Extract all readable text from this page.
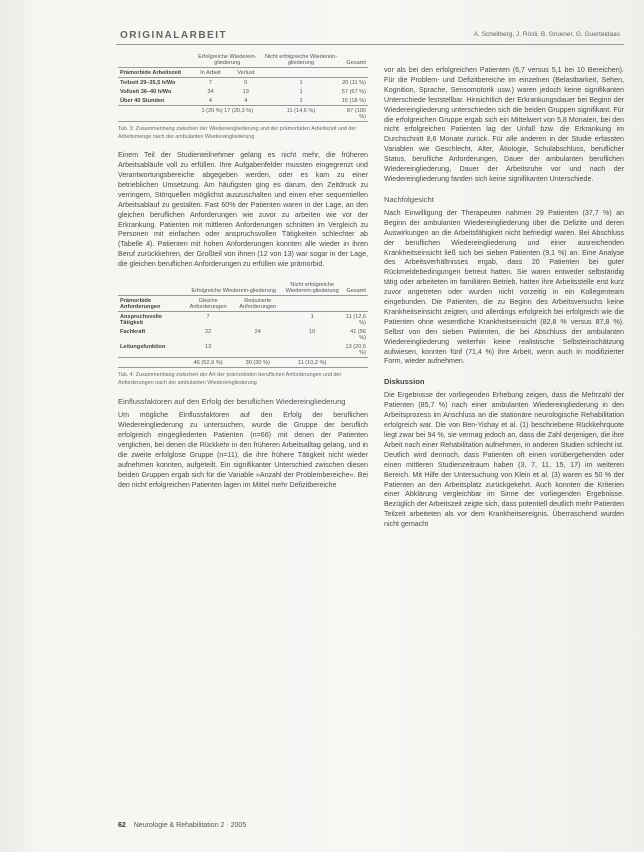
ORIGINALARBEIT	A. Schellberg, J. Rösli, B. Gruener, G. Guerteldaas
	Erfolgreiche Wiederein-gliederung		Nicht erfolgreiche Wiederein-gliederung	Gesamt
Prämorbide Arbeitszeit	In Arbeit	Verlust		
Teilzeit 29–35,5 h/Wo	7	0	1	20 (11 %)
Vollzeit 36–40 h/Wo	34	13	1	57 (67 %)
Über 40 Stunden	4	4	1	15 (18 %)
	1 (20 %) 17 (20,3 %)		11 (14,6 %)	87 (100 %)
Tab. 3: Zusammenhang zwischen der Wiedereingliederung und der prämorbiden Arbeitszeit und der Arbeitsmenge nach der ambulanten Wiedereingliederung

Einem Teil der Studienteilnehmer gelang es nicht mehr, die früheren Arbeitsabläufe voll zu erfüllen. Ihre Aufgabenfelder mussten eingegrenzt und Verantwortungsbereiche abgegeben werden, oder es kam zu einer betrieblichen Umsetzung. Am häufigsten ging es darum, den Zeitdruck zu verringern, Störquellen möglichst auszuschalten und einen eher sequentiellen Arbeitsablauf zu gestalten. Fast 60% der Patienten waren in der Lage, an den gleichen beruflichen Anforderungen wie zuvor zu arbeiten wie vor der Erkrankung. Patienten mit mittleren Anforderungen schnitten im Vergleich zu Personen mit einfachen oder anspruchsvollen Tätigkeiten schlechter ab (Tabelle 4). Patienten mit hohen Anforderungen konnten alle wieder in ihren Beruf zurückkehren, der Großteil von ihnen (12 von 13) war sogar in der Lage, die gleichen beruflichen Anforderungen zu erfüllen wie prämorbid.

	Erfolgreiche Wiederein-gliederung		Nicht erfolgreiche Wiederein-gliederung	Gesamt
Prämorbide Anforderungen	Gleiche Anforderungen	Reduzierte Anforderungen		
Anspruchsvolle Tätigkeit	7		1	11 (12,6 %)
Fachkraft	22	24	10	41 (56 %)
Leitungsfunktion	13			13 (20,5 %)
	46 (52,9 %)	30 (30 %)	11 (10,2 %)	
Tab. 4: Zusammenhang zwischen der Art der prämorbiden beruflichen Anforderungen und der Anforderungen nach der ambulanten Wiedereingliederung
Einflussfaktoren auf den Erfolg der beruflichen Wiedereingliederung

Um mögliche Einflussfaktoren auf den Erfolg der beruflichen Wiedereingliederung zu untersuchen, wurde die Gruppe der beruflich erfolgreich eingegliederten Patienten (n=66) mit denen der Patienten verglichen, bei denen die Rückkehr in den früheren Arbeitsalltag gelang, und in die zweite erfolglose Gruppe (n=11), die ihre frühere Tätigkeit nicht wieder aufnehmen konnten, aufgeteilt. Ein signifikanter Unterschied zwischen diesen beiden Gruppen ergab sich für die Variable »Anzahl der Problembereiche«. Bei den nicht erfolgreichen Patienten lagen im Mittel mehr Defizitbereiche

vor als bei den erfolgreichen Patienten (6,7 versus 5,1 bei 10 Bereichen). Für die Problem- und Defizitbereiche im einzelnen (Belastbarkeit, Sehen, Kognition, Sprache, Sensomotorik usw.) waren jedoch keine signifikanten Unterschiede feststellbar. Hinsichtlich der Erkrankungsdauer bei Beginn der Wiedereingliederung unterschieden sich die beiden Gruppen signifikant. Für die erfolgreichen Gruppe ergab sich ein Mittelwert von 5,8 Monaten, bei den nicht erfolgreichen Patienten lag der Unfall bzw. die Erkrankung im Durchschnitt 8,6 Monate zurück. Für alle anderen in der Studie erfassten Variablen wie Geschlecht, Alter, Ätiologie, Schulabschluss, beruflicher Status, berufliche Anforderungen, Dauer der ambulanten beruflichen Wiedereingliederung, Dauer der Arbeitsruhe vor und nach der Wiedereingliederung fanden sich keine signifikanten Unterschiede.

Nachfolgesicht

Nach Einwilligung der Therapeuten nahmen 29 Patienten (37,7 %) an Beginn der ambulanten Wiedereingliederung über die Defizite und deren Auswirkungen an die Arbeitsfähigkeit nicht befriedigt waren. Bei Abschluss der beruflichen Wiedereingliederung und einer ausreichenden Krankheitseinsicht ließ sich bei sieben Patienten (9,1 %) an. Eine Analyse des Arbeitsverhältnisses ergab, dass 20 Patienten bei guter Rückmeldebedingungen betreut hatten. Sie waren entweder selbständig tätig oder arbeiteten im familiären Betrieb, hatten ihre Arbeitsstelle erst kurz zuvor angetreten oder wurden nicht vorzeitig in ein Kollegenteam eingebunden. Die Patienten, die zu Beginn des Arbeitsversuchs keine Krankheitseinsicht zeigten, und allerdings erfolgreich bei erfolgreich wie die Patienten ohne wesentliche Krankheitseinsicht (82,8 % versus 87,8 %). Selbst von den sieben Patienten, die bei Abschluss der ambulanten Wiedereingliederung weiterhin keine realistische Selbsteinschätzung aufwiesen, konnten fünf (71,4 %) ihre Arbeit, wenn auch in modifizierter Form, wieder aufnehmen.

Diskussion

Die Ergebnisse der vorliegenden Erhebung zeigen, dass die Mehrzahl der Patienten (85,7 %) nach einer ambulanten Wiedereingliederung in den Arbeitsprozess im Anschluss an die stationäre neurologische Rehabilitation erfolgreich war. Die von Ben-Yishay et al. (1) beschriebene Rückkehrquote liegt zwar bei 94 %, sie vermag jedoch an, dass die Zahl derjenigen, die ihre Arbeit nach einer Rehabilitation aufnehmen, in anderen Studien schlecht ist. Deutlich wird dennoch, dass Patienten oft einen vorübergehenden oder einen mittleren Studienzeitraum haben (3, 7, 11, 15, 17) im weiteren Bereich. Mit Hilfe der Untersuchung von Klein et al. (3) waren es 50 % der Patienten an den Arbeitsplatz zurückgekehrt. Auch konnten die Kriterien einer Abklärung vergleichbar im Sinne der vorliegenden Ergebnisse. Bezüglich der Arbeitszeit zeigte sich, dass potentiell deutlich mehr Patienten Teilzeit arbeiteten als vor dem Krankheitsereignis. Überraschend wurden nicht gemacht

62 Neurologie & Rehabilitation 2 · 2005
